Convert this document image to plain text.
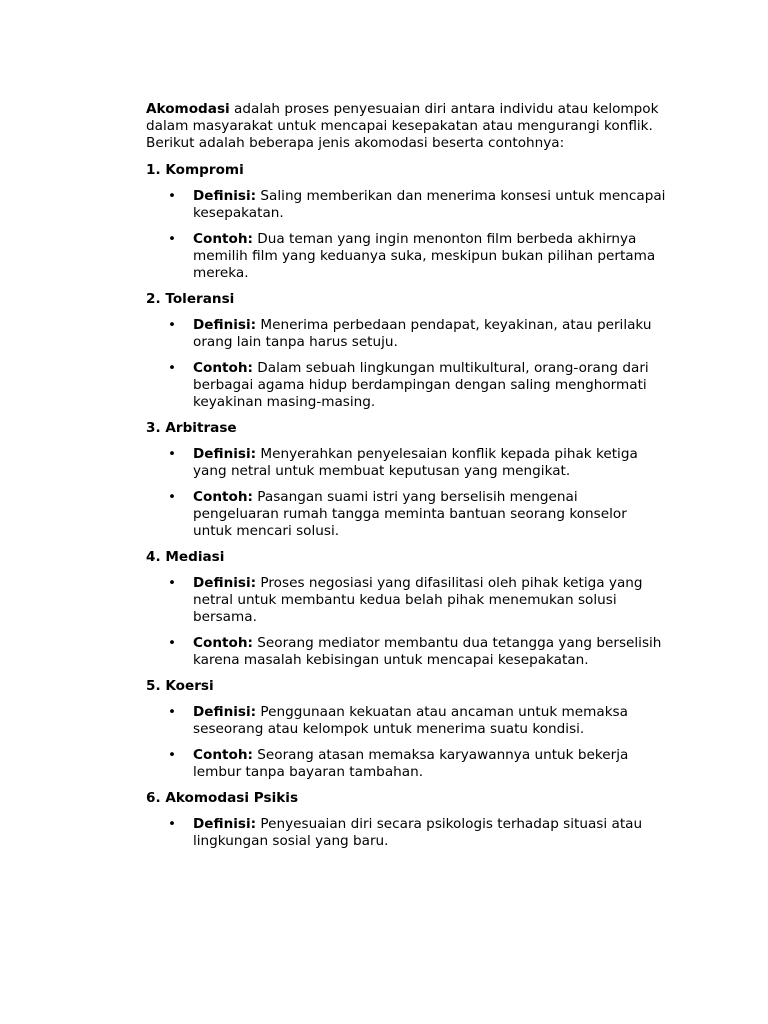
Akomodasi adalah proses penyesuaian diri antara individu atau kelompok dalam masyarakat untuk mencapai kesepakatan atau mengurangi konflik. Berikut adalah beberapa jenis akomodasi beserta contohnya:

1. Kompromi
• Definisi: Saling memberikan dan menerima konsesi untuk mencapai kesepakatan.
• Contoh: Dua teman yang ingin menonton film berbeda akhirnya memilih film yang keduanya suka, meskipun bukan pilihan pertama mereka.
2. Toleransi
• Definisi: Menerima perbedaan pendapat, keyakinan, atau perilaku orang lain tanpa harus setuju.
• Contoh: Dalam sebuah lingkungan multikultural, orang-orang dari berbagai agama hidup berdampingan dengan saling menghormati keyakinan masing-masing.
3. Arbitrase
• Definisi: Menyerahkan penyelesaian konflik kepada pihak ketiga yang netral untuk membuat keputusan yang mengikat.
• Contoh: Pasangan suami istri yang berselisih mengenai pengeluaran rumah tangga meminta bantuan seorang konselor untuk mencari solusi.
4. Mediasi
• Definisi: Proses negosiasi yang difasilitasi oleh pihak ketiga yang netral untuk membantu kedua belah pihak menemukan solusi bersama.
• Contoh: Seorang mediator membantu dua tetangga yang berselisih karena masalah kebisingan untuk mencapai kesepakatan.
5. Koersi
• Definisi: Penggunaan kekuatan atau ancaman untuk memaksa seseorang atau kelompok untuk menerima suatu kondisi.
• Contoh: Seorang atasan memaksa karyawannya untuk bekerja lembur tanpa bayaran tambahan.
6. Akomodasi Psikis
• Definisi: Penyesuaian diri secara psikologis terhadap situasi atau lingkungan sosial yang baru.
